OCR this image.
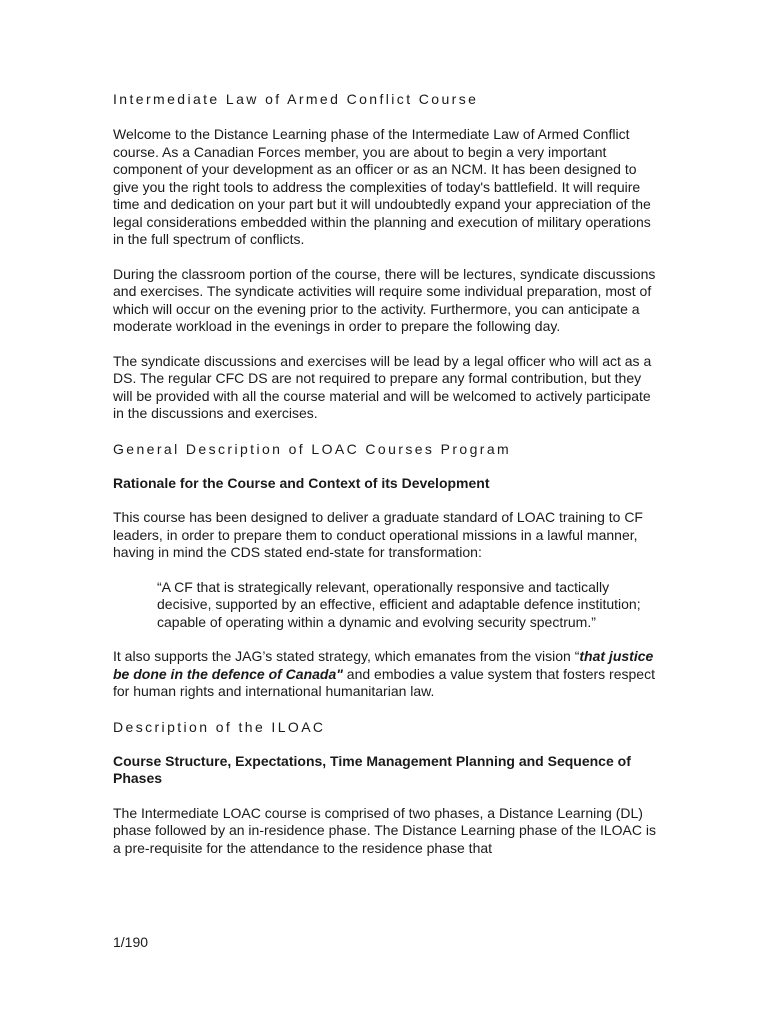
Intermediate Law of Armed Conflict Course

Welcome to the Distance Learning phase of the Intermediate Law of Armed Conflict course. As a Canadian Forces member, you are about to begin a very important component of your development as an officer or as an NCM. It has been designed to give you the right tools to address the complexities of today's battlefield. It will require time and dedication on your part but it will undoubtedly expand your appreciation of the legal considerations embedded within the planning and execution of military operations in the full spectrum of conflicts.

During the classroom portion of the course, there will be lectures, syndicate discussions and exercises. The syndicate activities will require some individual preparation, most of which will occur on the evening prior to the activity. Furthermore, you can anticipate a moderate workload in the evenings in order to prepare the following day.

The syndicate discussions and exercises will be lead by a legal officer who will act as a DS. The regular CFC DS are not required to prepare any formal contribution, but they will be provided with all the course material and will be welcomed to actively participate in the discussions and exercises.

General Description of LOAC Courses Program
Rationale for the Course and Context of its Development

This course has been designed to deliver a graduate standard of LOAC training to CF leaders, in order to prepare them to conduct operational missions in a lawful manner, having in mind the CDS stated end-state for transformation:

“A CF that is strategically relevant, operationally responsive and tactically decisive, supported by an effective, efficient and adaptable defence institution; capable of operating within a dynamic and evolving security spectrum.”

It also supports the JAG’s stated strategy, which emanates from the vision “that justice be done in the defence of Canada" and embodies a value system that fosters respect for human rights and international humanitarian law.

Description of the ILOAC
Course Structure, Expectations, Time Management Planning and Sequence of Phases

The Intermediate LOAC course is comprised of two phases, a Distance Learning (DL) phase followed by an in-residence phase. The Distance Learning phase of the ILOAC is a pre-requisite for the attendance to the residence phase that

1/190
